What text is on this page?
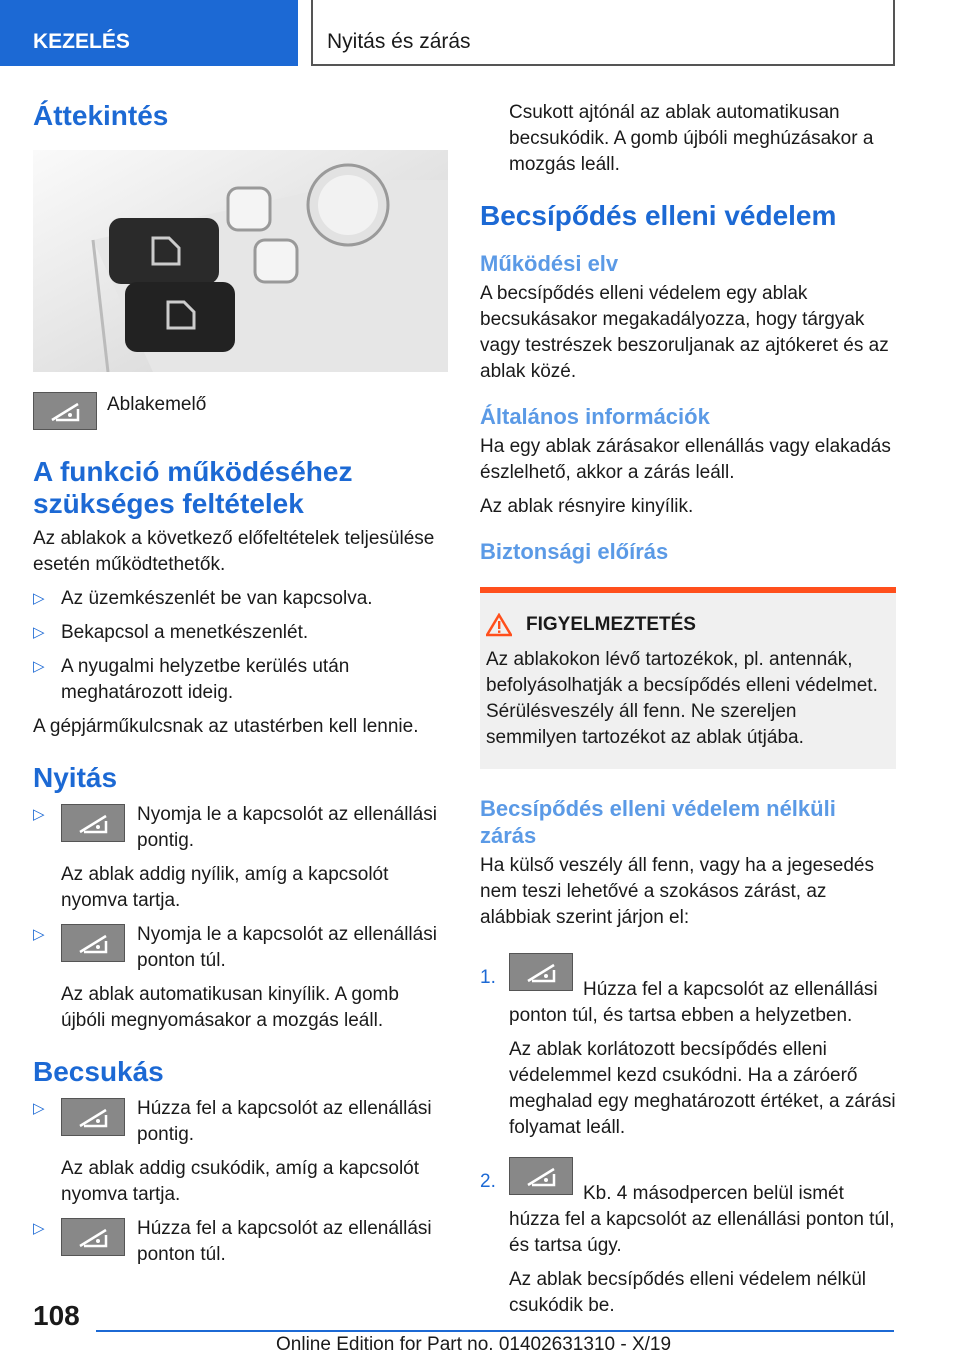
KEZELÉS	Nyitás és zárás
Áttekintés
Ablakemelő
A funkció működéséhez szükséges feltételek

Az ablakok a következő előfeltételek teljesülése esetén működtethetők.

▷ Az üzemkészenlét be van kapcsolva.
▷ Bekapcsol a menetkészenlét.
▷ A nyugalmi helyzetbe kerülés után meghatározott ideig.

A gépjárműkulcsnak az utastérben kell lennie.

Nyitás
▷	Nyomja le a kapcsolót az ellenállási pontig.
Az ablak addig nyílik, amíg a kapcsolót nyomva tartja.
▷	Nyomja le a kapcsolót az ellenállási ponton túl.
Az ablak automatikusan kinyílik. A gomb újbóli megnyomásakor a mozgás leáll.
Becsukás
▷	Húzza fel a kapcsolót az ellenállási pontig.
Az ablak addig csukódik, amíg a kapcsolót nyomva tartja.
▷	Húzza fel a kapcsolót az ellenállási ponton túl.

Csukott ajtónál az ablak automatikusan becsukódik. A gomb újbóli meghúzásakor a mozgás leáll.

Becsípődés elleni védelem
Működési elv

A becsípődés elleni védelem egy ablak becsukásakor megakadályozza, hogy tárgyak vagy testrészek beszoruljanak az ajtókeret és az ablak közé.

Általános információk

Ha egy ablak zárásakor ellenállás vagy elakadás észlelhető, akkor a zárás leáll.

Az ablak résnyire kinyílik.

Biztonsági előírás
FIGYELMEZTETÉS

Az ablakokon lévő tartozékok, pl. antennák, befolyásolhatják a becsípődés elleni védelmet. Sérülésveszély áll fenn. Ne szereljen semmilyen tartozékot az ablak útjába.

Becsípődés elleni védelem nélküli zárás

Ha külső veszély áll fenn, vagy ha a jegesedés nem teszi lehetővé a szokásos zárást, az alábbiak szerint járjon el:

1.
Húzza fel a kapcsolót az ellenállási ponton túl, és tartsa ebben a helyzetben.
Az ablak korlátozott becsípődés elleni védelemmel kezd csukódni. Ha a záróerő meghalad egy meghatározott értéket, a zárási folyamat leáll.
2.
Kb. 4 másodpercen belül ismét húzza fel a kapcsolót az ellenállási ponton túl, és tartsa úgy.
Az ablak becsípődés elleni védelem nélkül csukódik be.
108
Online Edition for Part no. 01402631310 - X/19
